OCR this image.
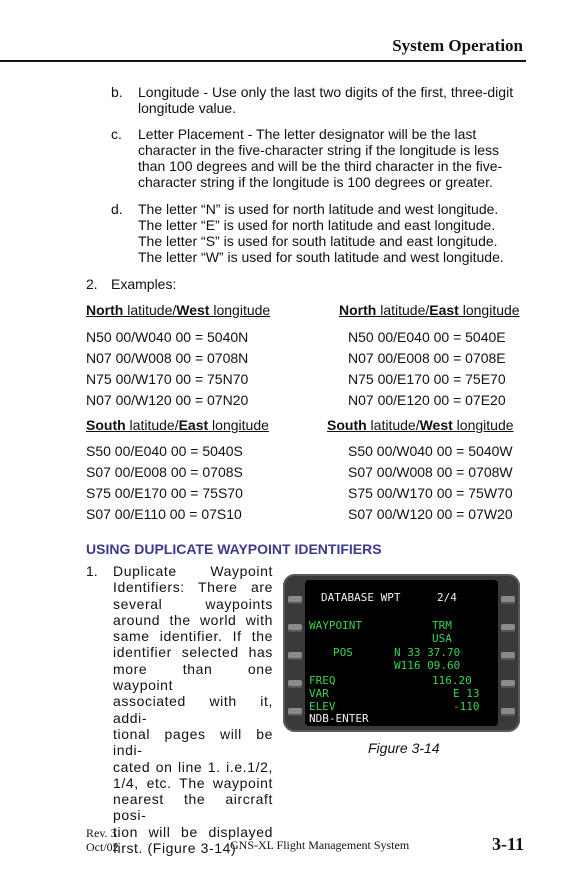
System Operation
b. Longitude - Use only the last two digits of the first, three-digit
longitude value.
c. Letter Placement - The letter designator will be the last
character in the five-character string if the longitude is less
than 100 degrees and will be the third character in the five-
character string if the longitude is 100 degrees or greater.
d. The letter “N” is used for north latitude and west longitude.
The letter “E” is used for north latitude and east longitude.
The letter “S” is used for south latitude and east longitude.
The letter “W” is used for south latitude and west longitude.
2. Examples:
North latitude/West longitude
N50 00/W040 00 = 5040N
N07 00/W008 00 = 0708N
N75 00/W170 00 = 75N70
N07 00/W120 00 = 07N20
North latitude/East longitude
N50 00/E040 00 = 5040E
N07 00/E008 00 = 0708E
N75 00/E170 00 = 75E70
N07 00/E120 00 = 07E20
South latitude/East longitude
S50 00/E040 00 = 5040S
S07 00/E008 00 = 0708S
S75 00/E170 00 = 75S70
S07 00/E110 00 = 07S10
South latitude/West longitude
S50 00/W040 00 = 5040W
S07 00/W008 00 = 0708W
S75 00/W170 00 = 75W70
S07 00/W120 00 = 07W20
USING DUPLICATE WAYPOINT IDENTIFIERS
1. Duplicate Waypoint
Identifiers: There are
several waypoints
around the world with
same identifier. If the
identifier selected has
more than one waypoint
associated with it, addi-
tional pages will be indi-
cated on line 1. i.e.1/2,
1/4, etc. The waypoint
nearest the aircraft posi-
tion will be displayed
first. (Figure 3-14)
DATABASE WPT	2/4
WAYPOINT	TRM
USA
POS	N 33 37.70
W116 09.60
FREQ	116.20
VAR	E 13
ELEV	-110
NDB-ENTER
Figure 3-14
Rev. 3
Oct/02	GNS-XL Flight Management System	3-11
